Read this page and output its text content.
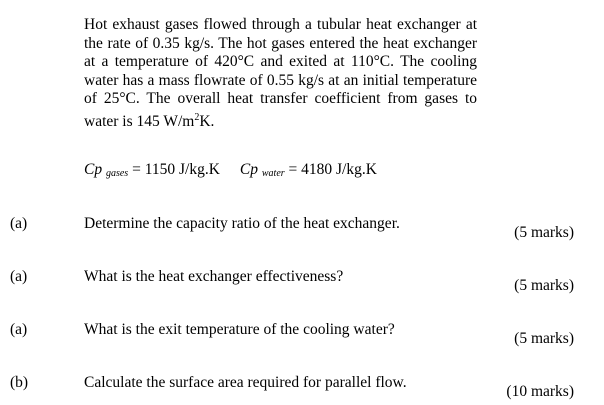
Hot exhaust gases flowed through a tubular heat exchanger at the rate of 0.35 kg/s. The hot gases entered the heat exchanger at a temperature of 420°C and exited at 110°C. The cooling water has a mass flowrate of 0.55 kg/s at an initial temperature of 25°C. The overall heat transfer coefficient from gases to water is 145 $W/m^2K$.
Cp $_{gases}$ = 1150 J/kg.K Cp $_{water}$ = 4180 J/kg.K
(a)	Determine the capacity ratio of the heat exchanger.
(5 marks)
(a)	What is the heat exchanger effectiveness?
(5 marks)
(a)	What is the exit temperature of the cooling water?
(5 marks)
(b)	Calculate the surface area required for parallel flow.
(10 marks)
